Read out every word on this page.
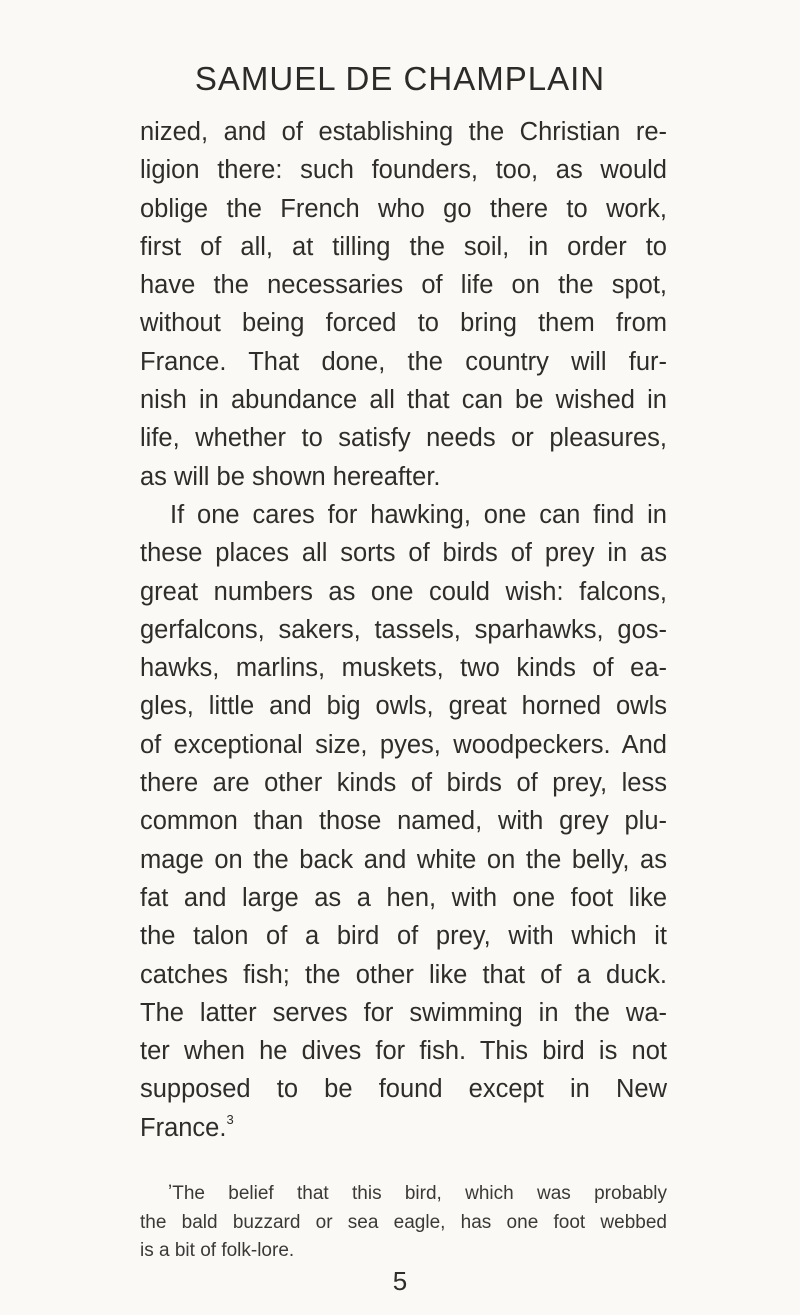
SAMUEL DE CHAMPLAIN
nized, and of establishing the Christian re-
ligion there: such founders, too, as would
oblige the French who go there to work,
first of all, at tilling the soil, in order to
have the necessaries of life on the spot,
without being forced to bring them from
France. That done, the country will fur-
nish in abundance all that can be wished in
life, whether to satisfy needs or pleasures,
as will be shown hereafter.
If one cares for hawking, one can find in
these places all sorts of birds of prey in as
great numbers as one could wish: falcons,
gerfalcons, sakers, tassels, sparhawks, gos-
hawks, marlins, muskets, two kinds of ea-
gles, little and big owls, great horned owls
of exceptional size, pyes, woodpeckers. And
there are other kinds of birds of prey, less
common than those named, with grey plu-
mage on the back and white on the belly, as
fat and large as a hen, with one foot like
the talon of a bird of prey, with which it
catches fish; the other like that of a duck.
The latter serves for swimming in the wa-
ter when he dives for fish. This bird is not
supposed to be found except in New
France.$^3$
ʼThe belief that this bird, which was probably
the bald buzzard or sea eagle, has one foot webbed
is a bit of folk-lore.
5
